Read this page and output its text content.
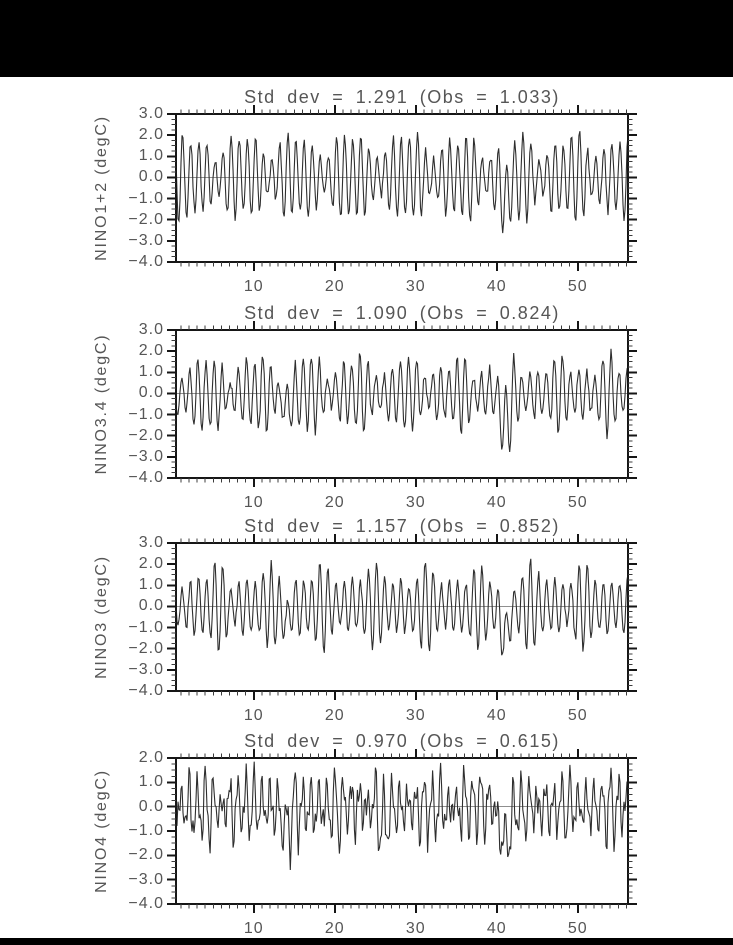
Std dev = 1.291 (Obs = 1.033)
Std dev = 1.090 (Obs = 0.824)
Std dev = 1.157 (Obs = 0.852)
Std dev = 0.970 (Obs = 0.615)
NINO1+2 (degC)
NINO3.4 (degC)
NINO3 (degC)
NINO4 (degC)
10	20	30	40	50
3.0
2.0
1.0
0.0
−1.0
−2.0
−3.0
−4.0
10	20	30	40	50
3.0
2.0
1.0
0.0
−1.0
−2.0
−3.0
−4.0
10	20	30	40	50
3.0
2.0
1.0
0.0
−1.0
−2.0
−3.0
−4.0
10	20	30	40	50
2.0
1.0
0.0
−1.0
−2.0
−3.0
−4.0
